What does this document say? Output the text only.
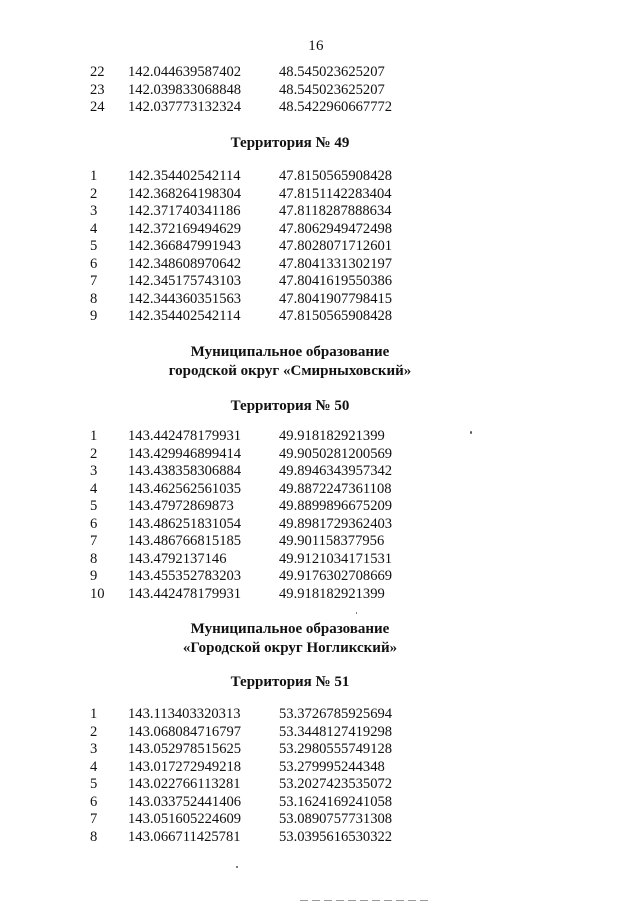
16
22 142.044639587402	48.545023625207
23 142.039833068848	48.545023625207
24 142.037773132324	48.5422960667772
Территория № 49
1 142.354402542114	47.8150565908428
2 142.368264198304	47.8151142283404
3 142.371740341186	47.8118287888634
4 142.372169494629	47.8062949472498
5 142.366847991943	47.8028071712601
6 142.348608970642	47.8041331302197
7 142.345175743103	47.8041619550386
8 142.344360351563	47.8041907798415
9 142.354402542114	47.8150565908428
Муниципальное образование
городской округ «Смирныховский»
Территория № 50
1 143.442478179931	49.918182921399
2 143.429946899414	49.9050281200569
3 143.438358306884	49.8946343957342
4 143.462562561035	49.8872247361108
5 143.47972869873	49.8899896675209
6 143.486251831054	49.8981729362403
7 143.486766815185	49.901158377956
8 143.4792137146	49.9121034171531
9 143.455352783203	49.9176302708669
10 143.442478179931	49.918182921399
Муниципальное образование
«Городской округ Ногликский»
Территория № 51
1 143.113403320313	53.3726785925694
2 143.068084716797	53.3448127419298
3 143.052978515625	53.2980555749128
4 143.017272949218	53.279995244348
5 143.022766113281	53.2027423535072
6 143.033752441406	53.1624169241058
7 143.051605224609	53.0890757731308
8 143.066711425781	53.0395616530322
